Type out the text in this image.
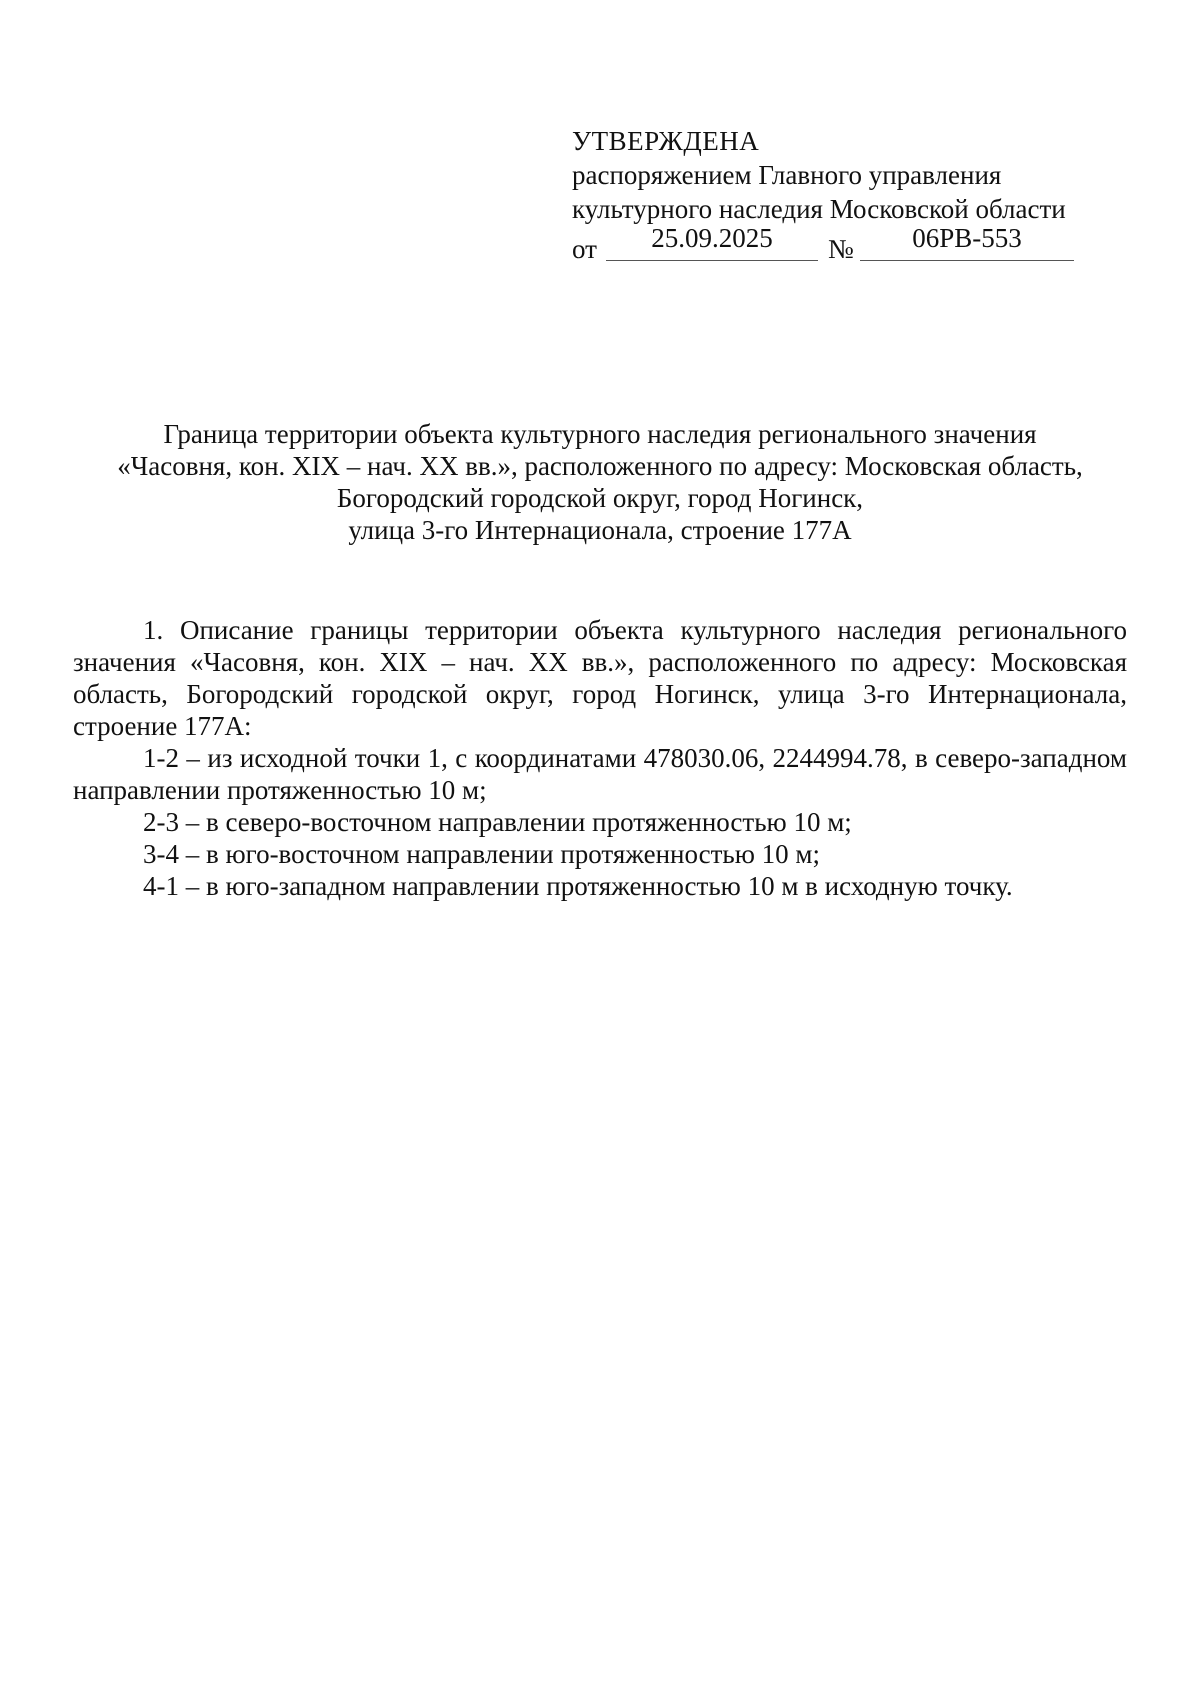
УТВЕРЖДЕНА
распоряжением Главного управления
культурного наследия Московской области
от	25.09.2025	№	06РВ-553
Граница территории объекта культурного наследия регионального значения
«Часовня, кон. XIX – нач. XX вв.», расположенного по адресу: Московская область,
Богородский городской округ, город Ногинск,
улица 3-го Интернационала, строение 177А

1. Описание границы территории объекта культурного наследия регионального значения «Часовня, кон. XIX – нач. XX вв.», расположенного по адресу: Московская область, Богородский городской округ, город Ногинск, улица 3-го Интернационала, строение 177А:

1-2 – из исходной точки 1, с координатами 478030.06, 2244994.78, в северо-западном направлении протяженностью 10 м;

2-3 – в северо-восточном направлении протяженностью 10 м;

3-4 – в юго-восточном направлении протяженностью 10 м;

4-1 – в юго-западном направлении протяженностью 10 м в исходную точку.
